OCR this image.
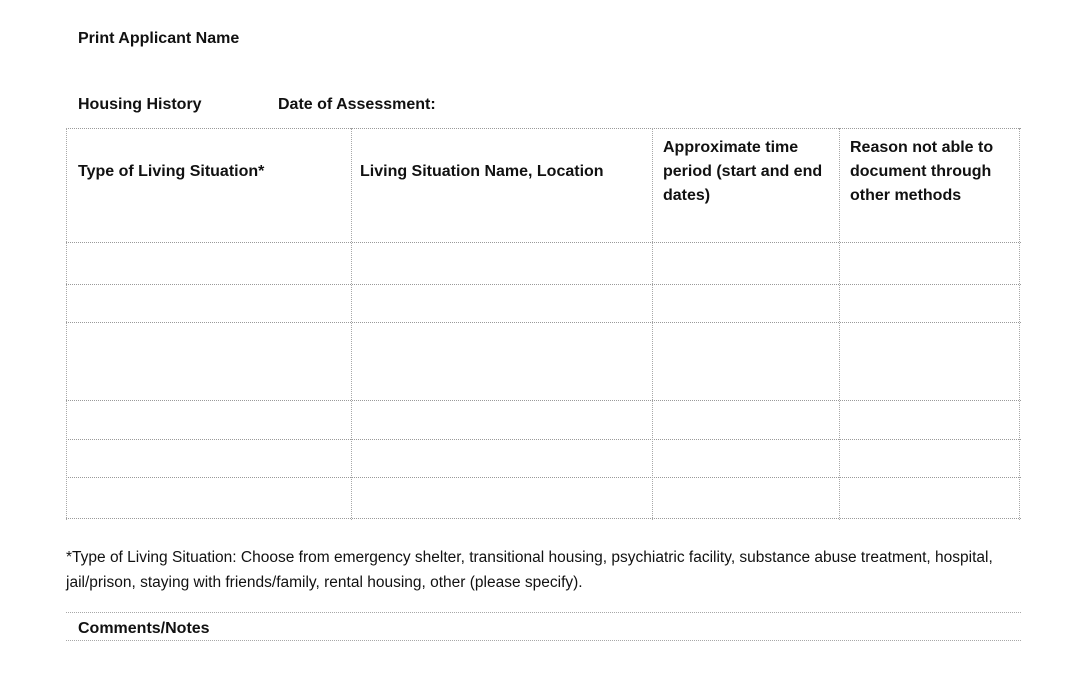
Print Applicant Name
Housing History	Date of Assessment:
Type of Living Situation*	Living Situation Name, Location
Approximate time period (start and end dates)
Reason not able to document through other methods
*Type of Living Situation: Choose from emergency shelter, transitional housing, psychiatric facility, substance abuse treatment, hospital, jail/prison, staying with friends/family, rental housing, other (please specify).
Comments/Notes
